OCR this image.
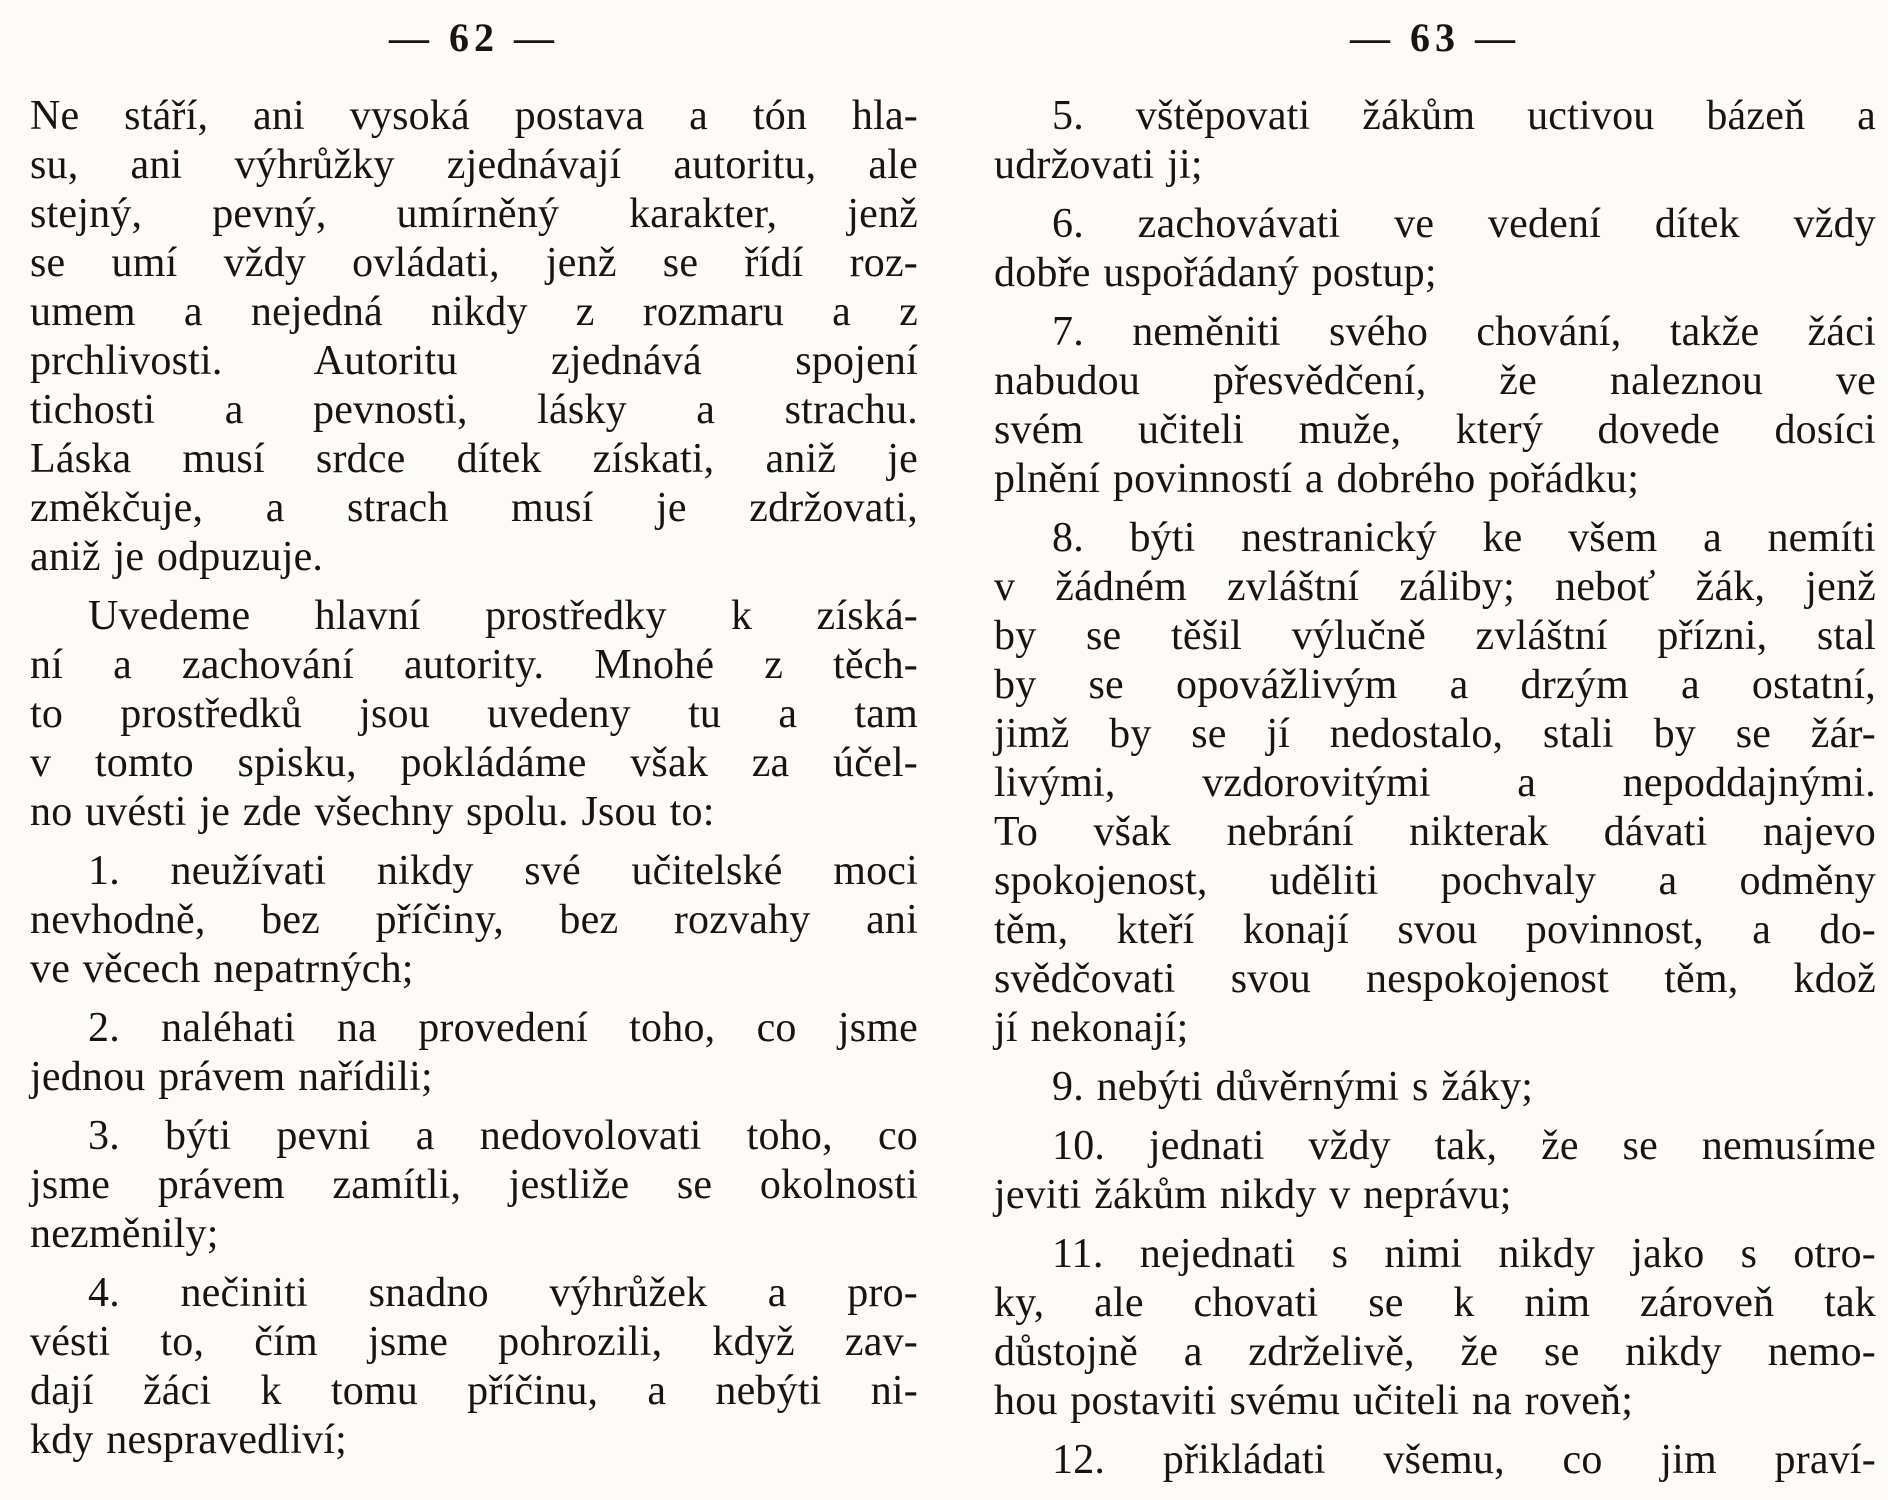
— 62 —
Ne stáří, ani vysoká postava a tón hla-
su, ani výhrůžky zjednávají autoritu, ale
stejný, pevný, umírněný karakter, jenž
se umí vždy ovládati, jenž se řídí roz-
umem a nejedná nikdy z rozmaru a z
prchlivosti. Autoritu zjednává spojení
tichosti a pevnosti, lásky a strachu.
Láska musí srdce dítek získati, aniž je
změkčuje, a strach musí je zdržovati,
aniž je odpuzuje.
Uvedeme hlavní prostředky k získá-
ní a zachování autority. Mnohé z těch-
to prostředků jsou uvedeny tu a tam
v tomto spisku, pokládáme však za účel-
no uvésti je zde všechny spolu. Jsou to:
1. neužívati nikdy své učitelské moci
nevhodně, bez příčiny, bez rozvahy ani
ve věcech nepatrných;
2. naléhati na provedení toho, co jsme
jednou právem nařídili;
3. býti pevni a nedovolovati toho, co
jsme právem zamítli, jestliže se okolnosti
nezměnily;
4. nečiniti snadno výhrůžek a pro-
vésti to, čím jsme pohrozili, když zav-
dají žáci k tomu příčinu, a nebýti ni-
kdy nespravedliví;
— 63 —
5. vštěpovati žákům uctivou bázeň a
udržovati ji;
6. zachovávati ve vedení dítek vždy
dobře uspořádaný postup;
7. neměniti svého chování, takže žáci
nabudou přesvědčení, že naleznou ve
svém učiteli muže, který dovede dosíci
plnění povinností a dobrého pořádku;
8. býti nestranický ke všem a nemíti
v žádném zvláštní záliby; neboť žák, jenž
by se těšil výlučně zvláštní přízni, stal
by se opovážlivým a drzým a ostatní,
jimž by se jí nedostalo, stali by se žár-
livými, vzdorovitými a nepoddajnými.
To však nebrání nikterak dávati najevo
spokojenost, uděliti pochvaly a odměny
těm, kteří konají svou povinnost, a do-
svědčovati svou nespokojenost těm, kdož
jí nekonají;
9. nebýti důvěrnými s žáky;
10. jednati vždy tak, že se nemusíme
jeviti žákům nikdy v neprávu;
11. nejednati s nimi nikdy jako s otro-
ky, ale chovati se k nim zároveň tak
důstojně a zdrželivě, že se nikdy nemo-
hou postaviti svému učiteli na roveň;
12. přikládati všemu, co jim praví-
